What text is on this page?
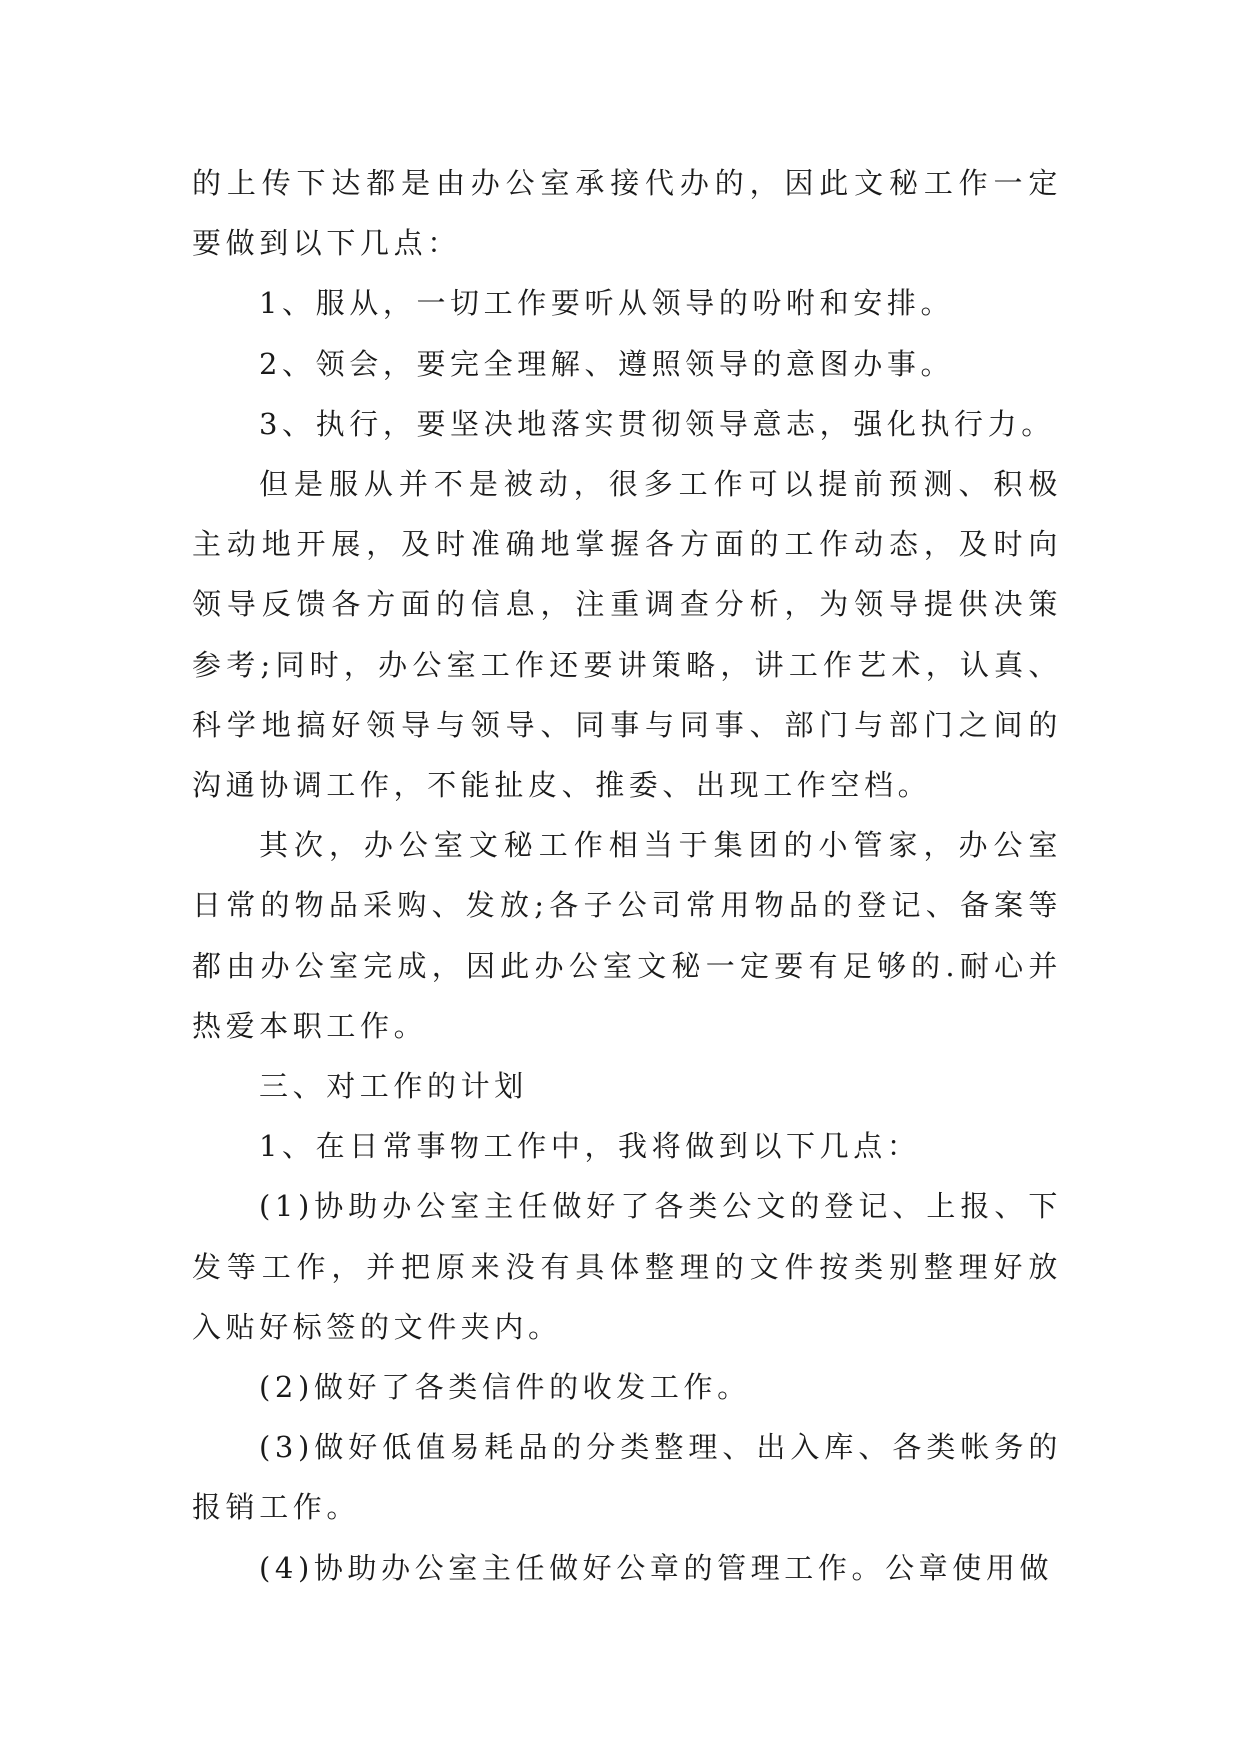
的上传下达都是由办公室承接代办的，因此文秘工作一定要做到以下几点：

1、服从，一切工作要听从领导的吩咐和安排。

2、领会，要完全理解、遵照领导的意图办事。

3、执行，要坚决地落实贯彻领导意志，强化执行力。

但是服从并不是被动，很多工作可以提前预测、积极主动地开展，及时准确地掌握各方面的工作动态，及时向领导反馈各方面的信息，注重调查分析，为领导提供决策参考;同时，办公室工作还要讲策略，讲工作艺术，认真、科学地搞好领导与领导、同事与同事、部门与部门之间的沟通协调工作，不能扯皮、推委、出现工作空档。

其次，办公室文秘工作相当于集团的小管家，办公室日常的物品采购、发放;各子公司常用物品的登记、备案等都由办公室完成，因此办公室文秘一定要有足够的.耐心并热爱本职工作。

三、对工作的计划

1、在日常事物工作中，我将做到以下几点：

(1)协助办公室主任做好了各类公文的登记、上报、下发等工作，并把原来没有具体整理的文件按类别整理好放入贴好标签的文件夹内。

(2)做好了各类信件的收发工作。

(3)做好低值易耗品的分类整理、出入库、各类帐务的报销工作。

(4)协助办公室主任做好公章的管理工作。公章使用做
